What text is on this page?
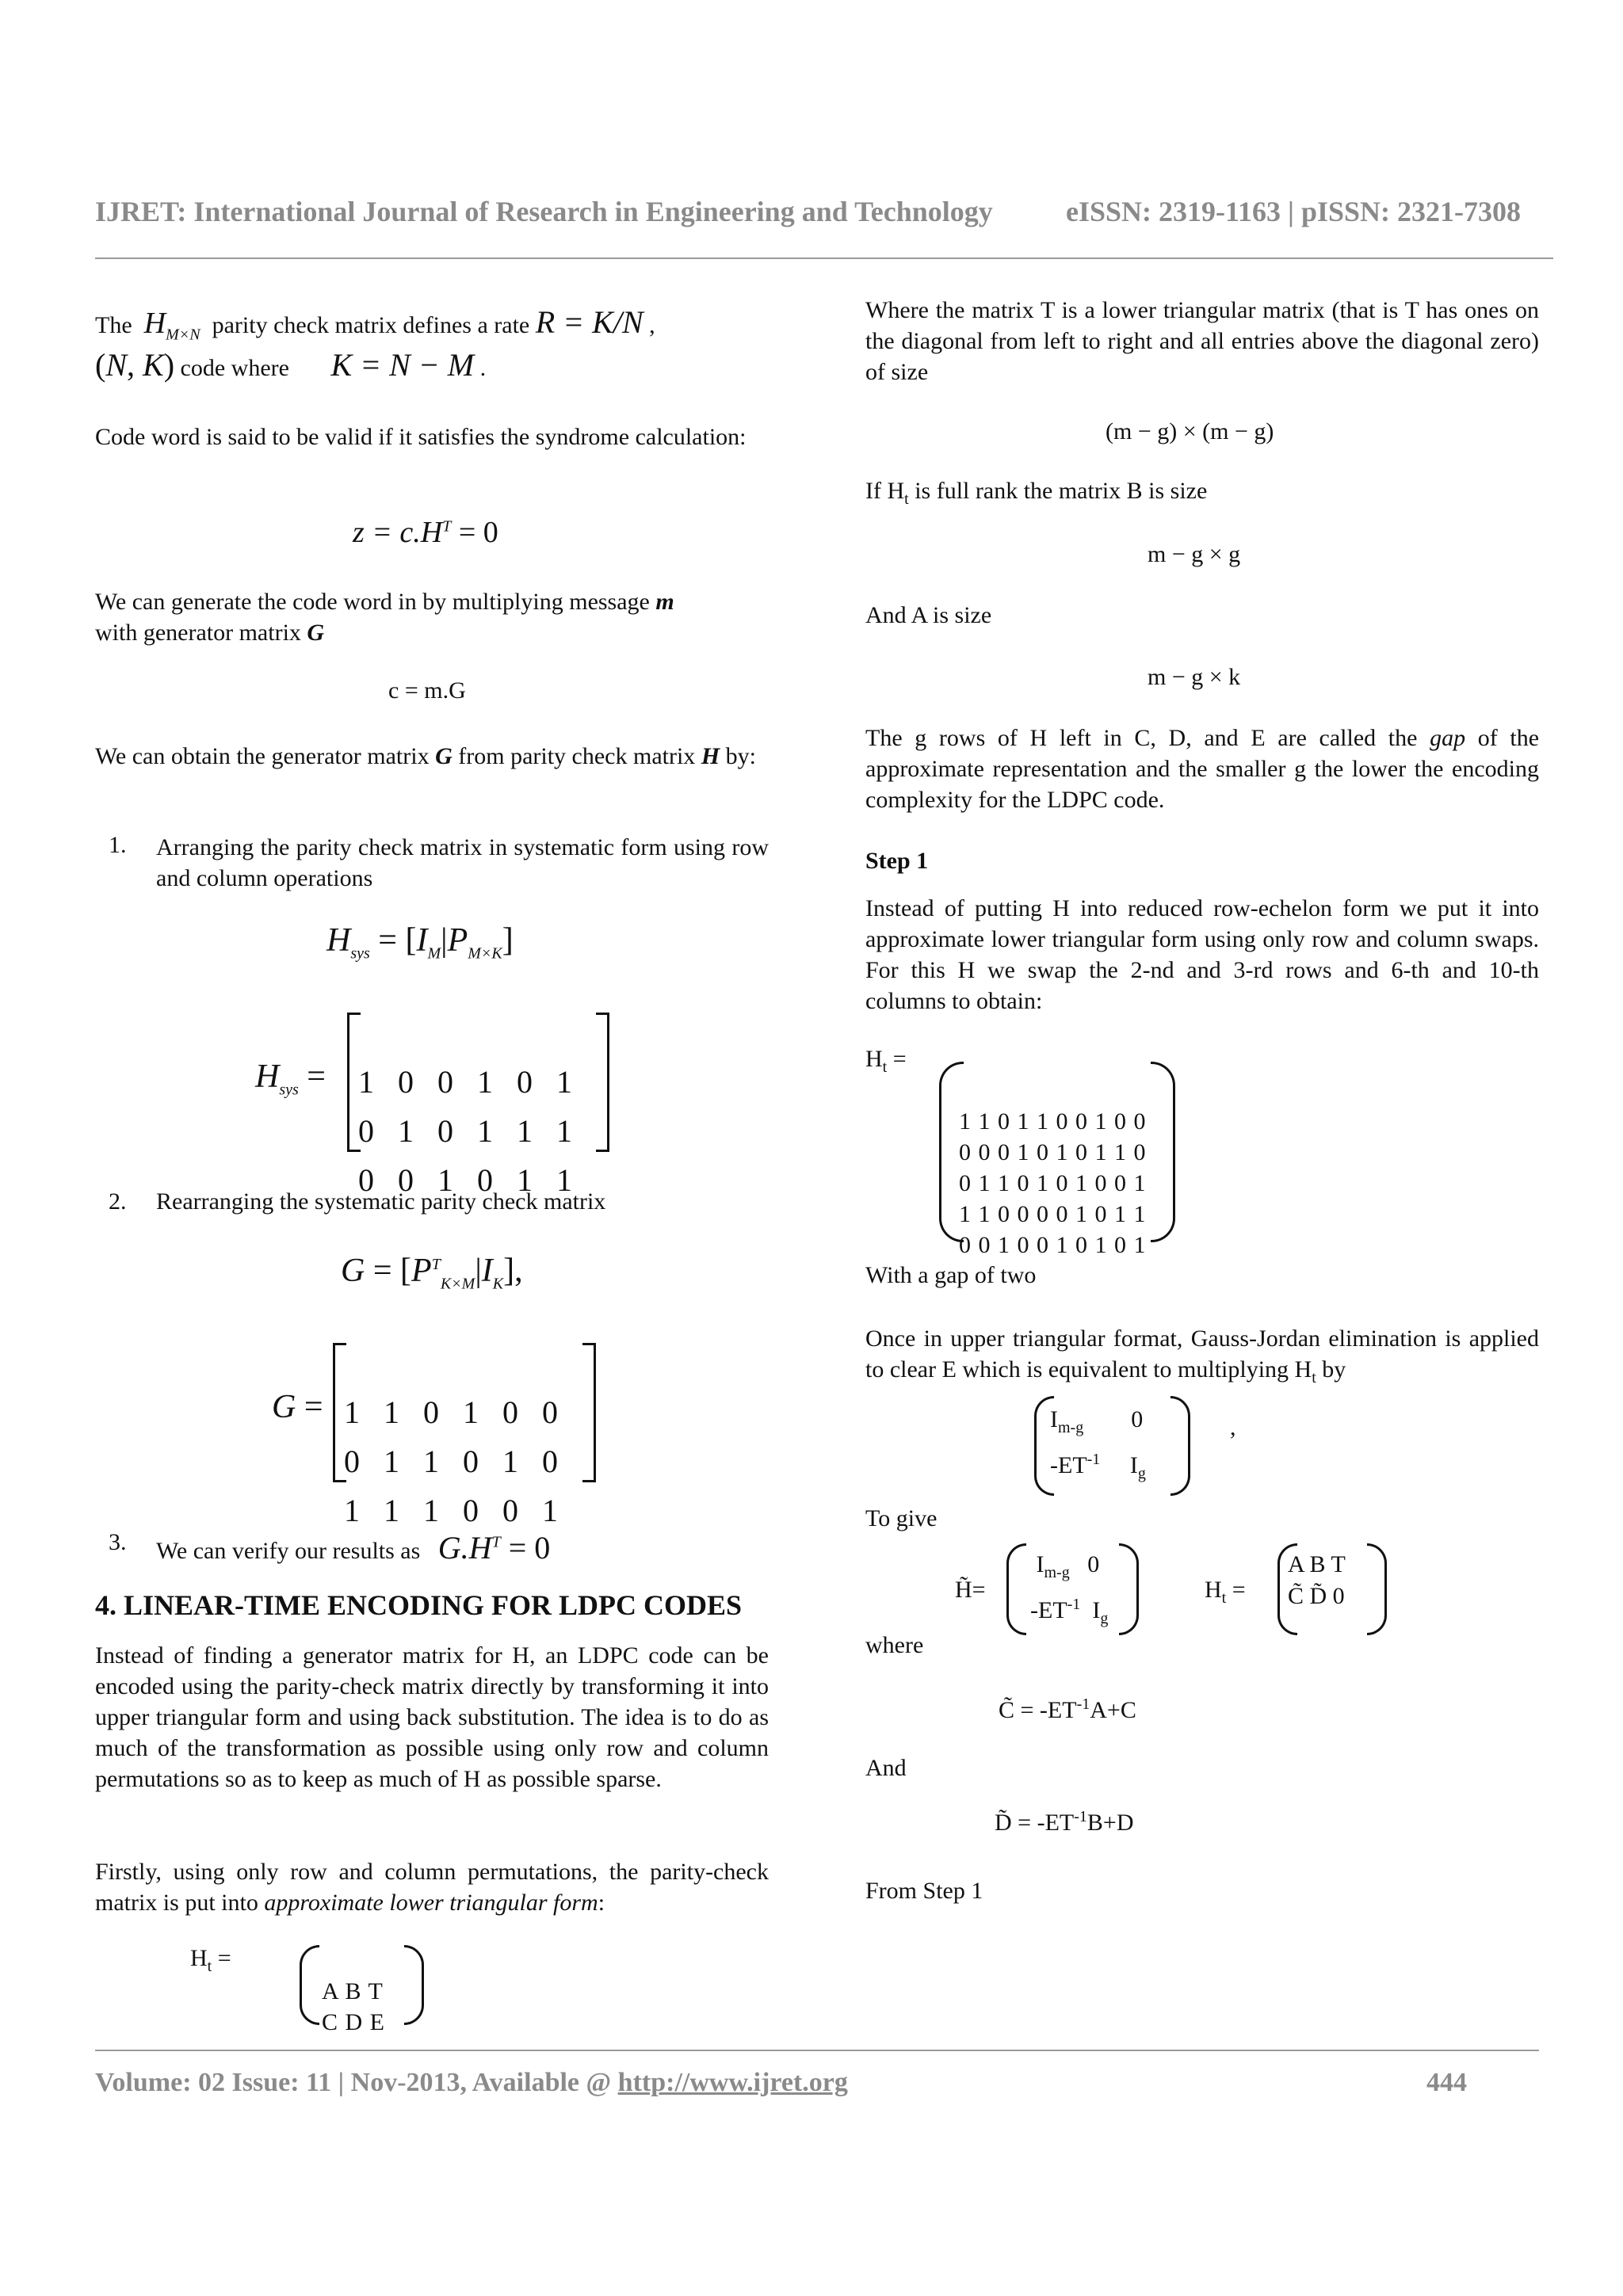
IJRET: International Journal of Research in Engineering and Technology	eISSN: 2319-1163 | pISSN: 2321-7308
The $H_{M\times N}$ parity check matrix defines a rate R = K/N ,
(N, K) code where K = N − M .
Code word is said to be valid if it satisfies the syndrome calculation:
$z = c.H^T = 0$
We can generate the code word in by multiplying message m
with generator matrix G
c = m.G
We can obtain the generator matrix G from parity check matrix H by:
1. Arranging the parity check matrix in systematic form using row and column operations
$H_{sys} = [I_M|P_{M\times K}]$
$H_{sys} = 1$   0   0   1   0   1
0   1   0   1   1   1
0   0   1   0   1   1

2. Rearranging the systematic parity check matrix
$G = [P^T_{K\times M}|I_K]$,
G = 1   1   0   1   0   0
0   1   1   0   1   0
1   1   1   0   0   1

3. We can verify our results as $G.H^T = 0$
4. LINEAR-TIME ENCODING FOR LDPC CODES
Instead of finding a generator matrix for H, an LDPC code can be encoded using the parity-check matrix directly by transforming it into upper triangular form and using back substitution. The idea is to do as much of the transformation as possible using only row and column permutations so as to keep as much of H as possible sparse.
Firstly, using only row and column permutations, the parity-check matrix is put into approximate lower triangular form:
$H_t$ =

A B T
C D E

Where the matrix T is a lower triangular matrix (that is T has ones on the diagonal from left to right and all entries above the diagonal zero) of size
(m − g) × (m − g)
If $H_t$ is full rank the matrix B is size
m − g × g
And A is size
m − g × k
The g rows of H left in C, D, and E are called the gap of the approximate representation and the smaller g the lower the encoding complexity for the LDPC code.
Step 1
Instead of putting H into reduced row-echelon form we put it into approximate lower triangular form using only row and column swaps. For this H we swap the 2-nd and 3-rd rows and 6-th and 10-th columns to obtain:
$H_t$ =

1 1 0 1 1 0 0 1 0 0
0 0 0 1 0 1 0 1 1 0
0 1 1 0 1 0 1 0 0 1
1 1 0 0 0 0 1 0 1 1
0 0 1 0 0 1 0 1 0 1

With a gap of two
Once in upper triangular format, Gauss-Jordan elimination is applied to clear E which is equivalent to multiplying $H_t$ by
$I_{m-g}$        0
$-ET^{-1}$     $I_g$
,
To give
H̃=
$I_{m-g}$   0
$-ET^{-1}$  $I_g$
$H_t$ =
A B T
C̃ D̃ 0
where
C̃ = $-ET^{-1}A+C$
And
D̃ = $-ET^{-1}B+D$
From Step 1
Volume: 02 Issue: 11 | Nov-2013, Available @ http://www.ijret.org	444
